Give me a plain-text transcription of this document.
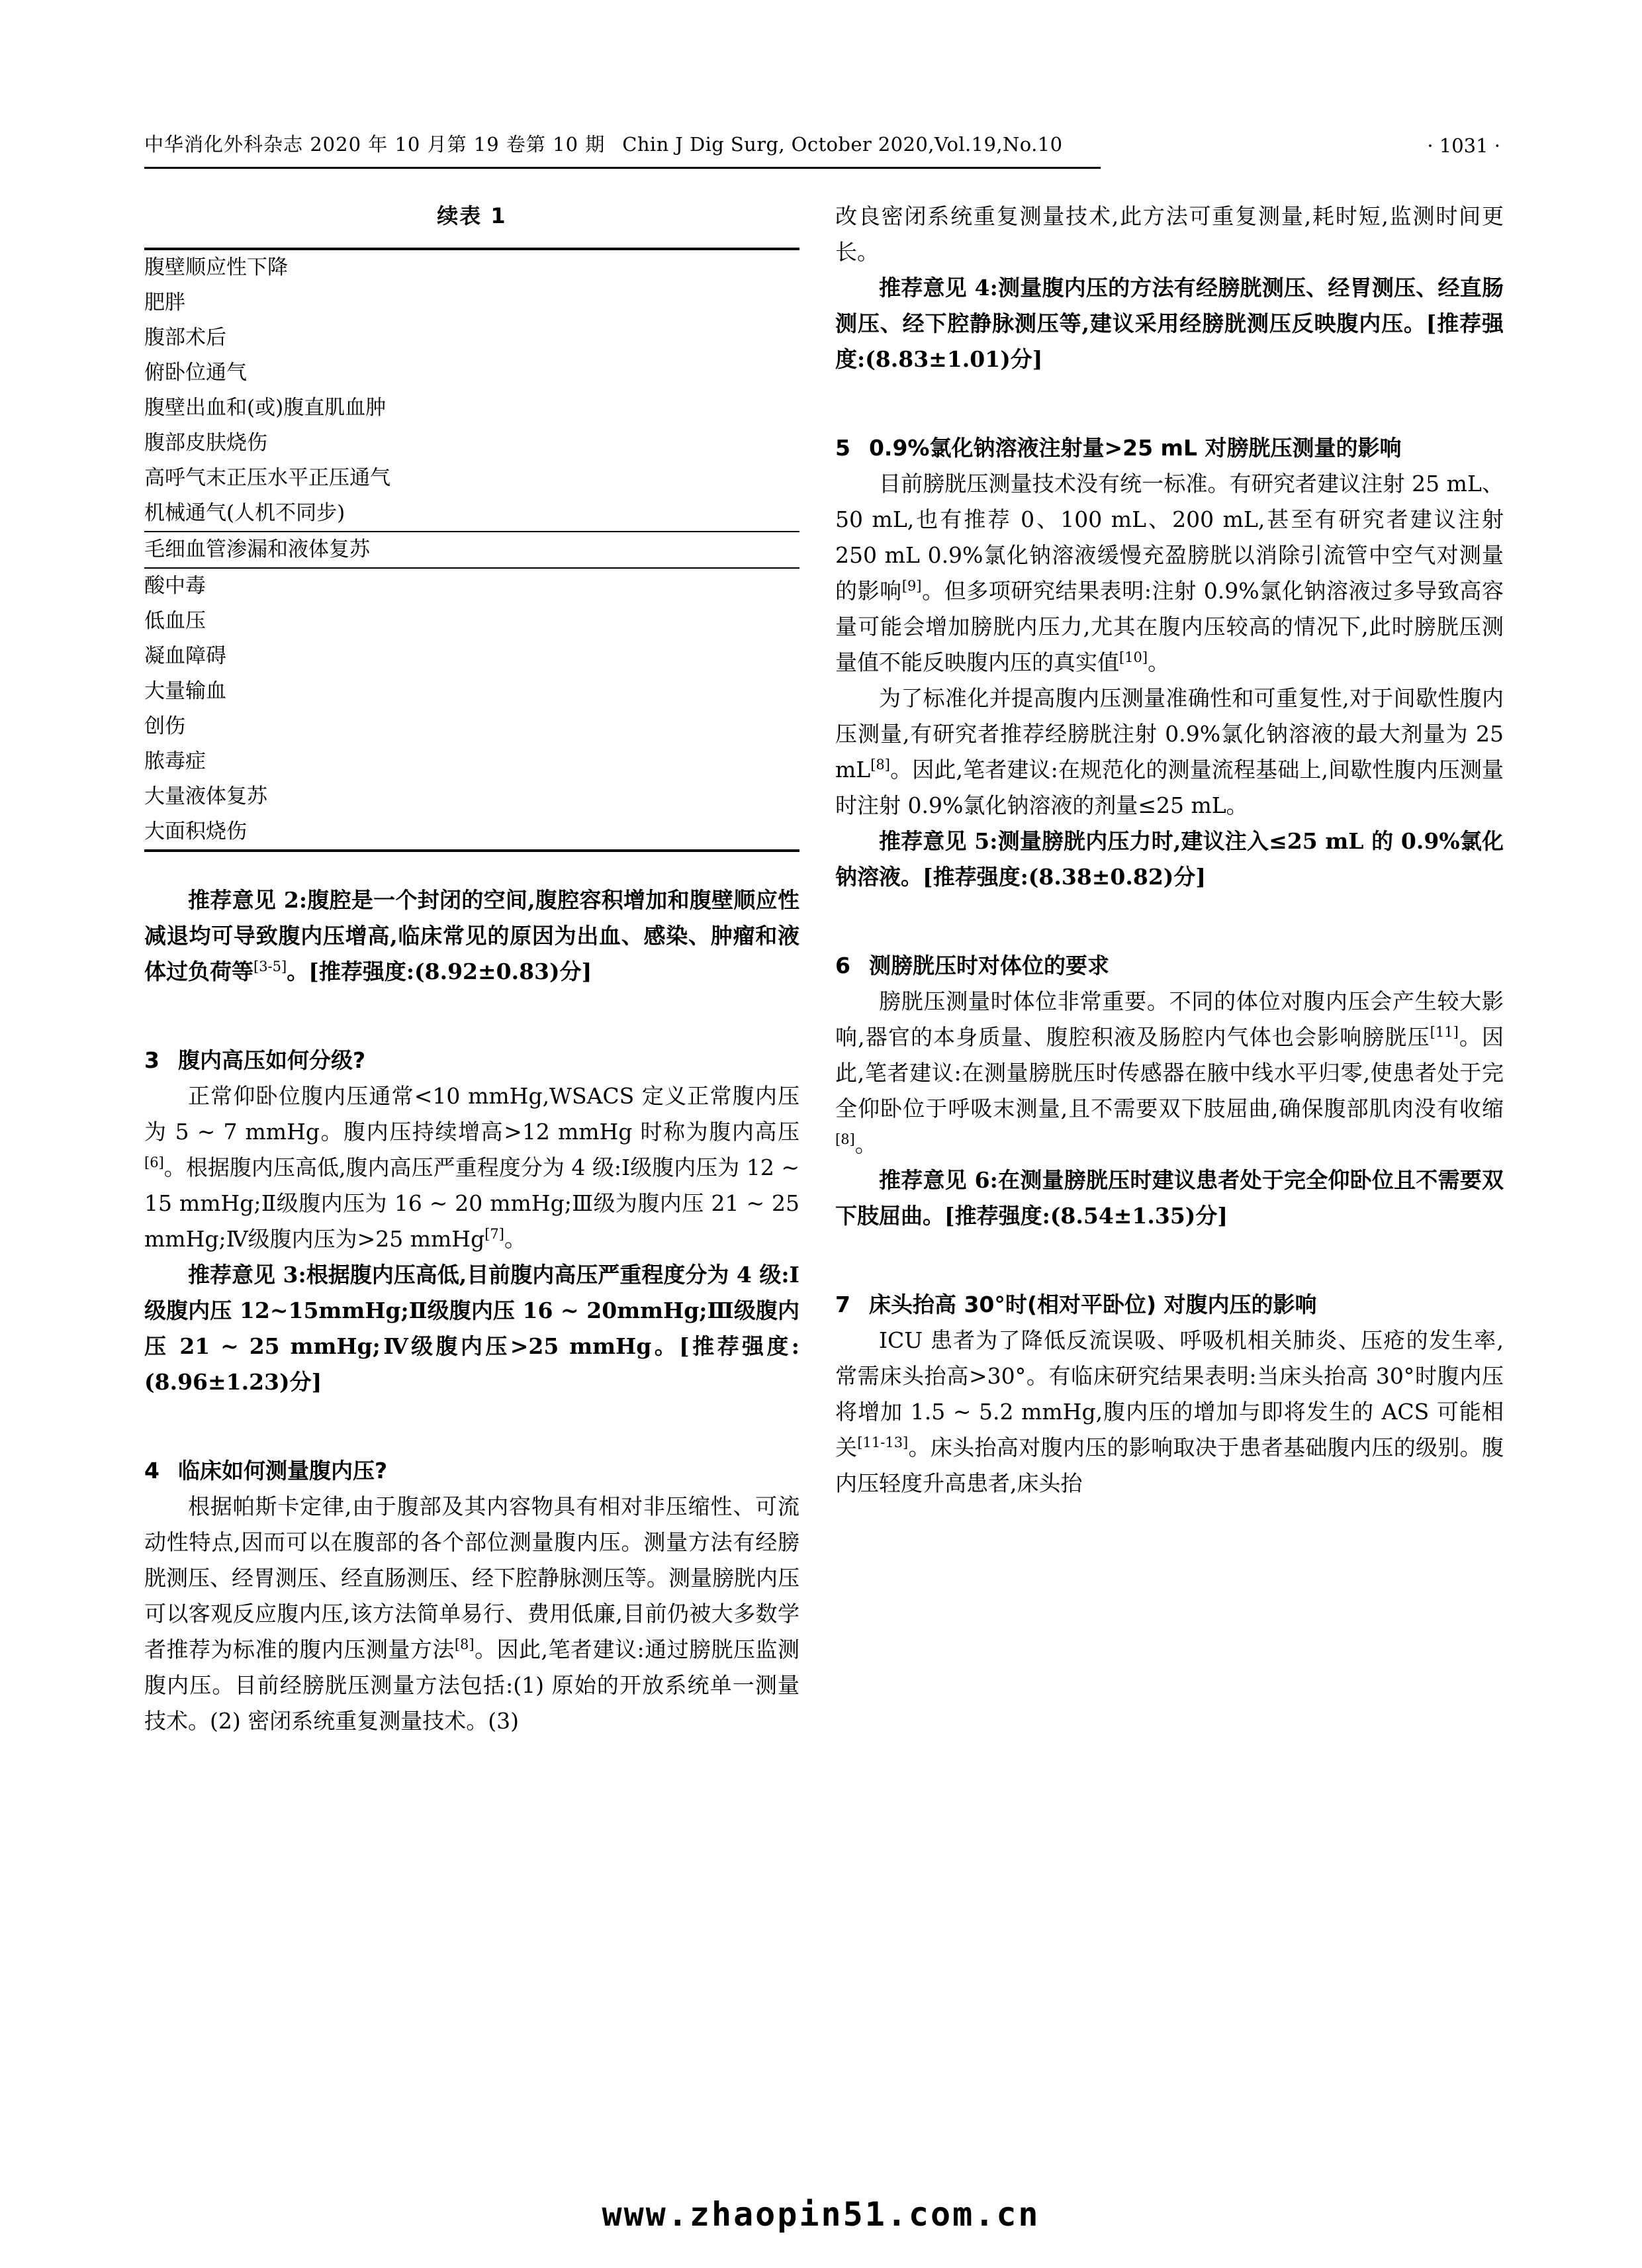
中华消化外科杂志 2020 年 10 月第 19 卷第 10 期 Chin J Dig Surg, October 2020,Vol.19,No.10	· 1031 ·
续表 1
腹壁顺应性下降
肥胖
腹部术后
俯卧位通气
腹壁出血和(或)腹直肌血肿
腹部皮肤烧伤
高呼气末正压水平正压通气
机械通气(人机不同步)
毛细血管渗漏和液体复苏
酸中毒
低血压
凝血障碍
大量输血
创伤
脓毒症
大量液体复苏
大面积烧伤

推荐意见 2:腹腔是一个封闭的空间,腹腔容积增加和腹壁顺应性减退均可导致腹内压增高,临床常见的原因为出血、感染、肿瘤和液体过负荷等[3-5]。[推荐强度:(8.92±0.83)分]

3 腹内高压如何分级?

正常仰卧位腹内压通常<10 mmHg,WSACS 定义正常腹内压为 5 ~ 7 mmHg。腹内压持续增高>12 mmHg 时称为腹内高压[6]。根据腹内压高低,腹内高压严重程度分为 4 级:Ⅰ级腹内压为 12 ~ 15 mmHg;Ⅱ级腹内压为 16 ~ 20 mmHg;Ⅲ级为腹内压 21 ~ 25 mmHg;Ⅳ级腹内压为>25 mmHg[7]。

推荐意见 3:根据腹内压高低,目前腹内高压严重程度分为 4 级:Ⅰ级腹内压 12~15mmHg;Ⅱ级腹内压 16 ~ 20mmHg;Ⅲ级腹内压 21 ~ 25 mmHg;Ⅳ级腹内压>25 mmHg。[推荐强度:(8.96±1.23)分]

4 临床如何测量腹内压?

根据帕斯卡定律,由于腹部及其内容物具有相对非压缩性、可流动性特点,因而可以在腹部的各个部位测量腹内压。测量方法有经膀胱测压、经胃测压、经直肠测压、经下腔静脉测压等。测量膀胱内压可以客观反应腹内压,该方法简单易行、费用低廉,目前仍被大多数学者推荐为标准的腹内压测量方法[8]。因此,笔者建议:通过膀胱压监测腹内压。目前经膀胱压测量方法包括:(1) 原始的开放系统单一测量技术。(2) 密闭系统重复测量技术。(3)

改良密闭系统重复测量技术,此方法可重复测量,耗时短,监测时间更长。

推荐意见 4:测量腹内压的方法有经膀胱测压、经胃测压、经直肠测压、经下腔静脉测压等,建议采用经膀胱测压反映腹内压。[推荐强度:(8.83±1.01)分]

5 0.9%氯化钠溶液注射量>25 mL 对膀胱压测量的影响

目前膀胱压测量技术没有统一标准。有研究者建议注射 25 mL、50 mL,也有推荐 0、100 mL、200 mL,甚至有研究者建议注射 250 mL 0.9%氯化钠溶液缓慢充盈膀胱以消除引流管中空气对测量的影响[9]。但多项研究结果表明:注射 0.9%氯化钠溶液过多导致高容量可能会增加膀胱内压力,尤其在腹内压较高的情况下,此时膀胱压测量值不能反映腹内压的真实值[10]。

为了标准化并提高腹内压测量准确性和可重复性,对于间歇性腹内压测量,有研究者推荐经膀胱注射 0.9%氯化钠溶液的最大剂量为 25 mL[8]。因此,笔者建议:在规范化的测量流程基础上,间歇性腹内压测量时注射 0.9%氯化钠溶液的剂量≤25 mL。

推荐意见 5:测量膀胱内压力时,建议注入≤25 mL 的 0.9%氯化钠溶液。[推荐强度:(8.38±0.82)分]

6 测膀胱压时对体位的要求

膀胱压测量时体位非常重要。不同的体位对腹内压会产生较大影响,器官的本身质量、腹腔积液及肠腔内气体也会影响膀胱压[11]。因此,笔者建议:在测量膀胱压时传感器在腋中线水平归零,使患者处于完全仰卧位于呼吸末测量,且不需要双下肢屈曲,确保腹部肌肉没有收缩[8]。

推荐意见 6:在测量膀胱压时建议患者处于完全仰卧位且不需要双下肢屈曲。[推荐强度:(8.54±1.35)分]

7 床头抬高 30°时(相对平卧位) 对腹内压的影响

ICU 患者为了降低反流误吸、呼吸机相关肺炎、压疮的发生率,常需床头抬高>30°。有临床研究结果表明:当床头抬高 30°时腹内压将增加 1.5 ~ 5.2 mmHg,腹内压的增加与即将发生的 ACS 可能相关[11-13]。床头抬高对腹内压的影响取决于患者基础腹内压的级别。腹内压轻度升高患者,床头抬

www.zhaopin51.com.cn
